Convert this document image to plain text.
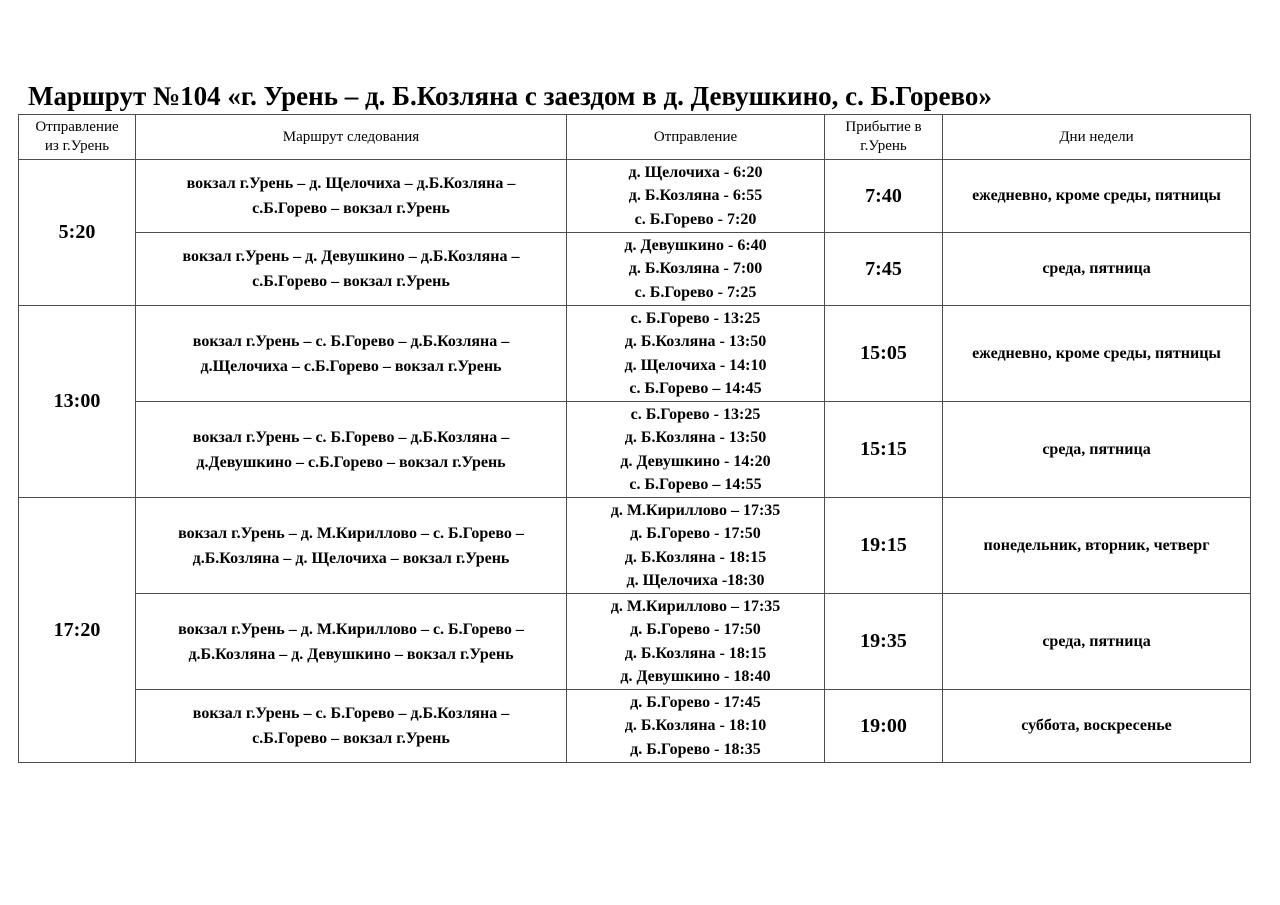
Маршрут №104 «г. Урень – д. Б.Козляна с заездом в д. Девушкино, с. Б.Горево»
Отправление
из г.Урень	Маршрут следования	Отправление	Прибытие в
г.Урень	Дни недели
5:20	вокзал г.Урень – д. Щелочиха – д.Б.Козляна –
с.Б.Горево – вокзал г.Урень	д. Щелочиха - 6:20
д. Б.Козляна - 6:55
с. Б.Горево - 7:20	7:40	ежедневно, кроме среды, пятницы

	вокзал г.Урень – д. Девушкино – д.Б.Козляна –
с.Б.Горево – вокзал г.Урень	д. Девушкино - 6:40
д. Б.Козляна - 7:00
с. Б.Горево - 7:25	7:45	среда, пятница
13:00	вокзал г.Урень – с. Б.Горево – д.Б.Козляна –
д.Щелочиха – с.Б.Горево – вокзал г.Урень	с. Б.Горево - 13:25
д. Б.Козляна - 13:50
д. Щелочиха - 14:10
с. Б.Горево – 14:45	15:05	ежедневно, кроме среды, пятницы

	вокзал г.Урень – с. Б.Горево – д.Б.Козляна –
д.Девушкино – с.Б.Горево – вокзал г.Урень	с. Б.Горево - 13:25
д. Б.Козляна - 13:50
д. Девушкино - 14:20
с. Б.Горево – 14:55	15:15	среда, пятница
17:20	вокзал г.Урень – д. М.Кириллово – с. Б.Горево –
д.Б.Козляна – д. Щелочиха – вокзал г.Урень	д. М.Кириллово – 17:35
д. Б.Горево - 17:50
д. Б.Козляна - 18:15
д. Щелочиха -18:30	19:15	понедельник, вторник, четверг

	вокзал г.Урень – д. М.Кириллово – с. Б.Горево –
д.Б.Козляна – д. Девушкино – вокзал г.Урень	д. М.Кириллово – 17:35
д. Б.Горево - 17:50
д. Б.Козляна - 18:15
д. Девушкино - 18:40	19:35	среда, пятница

	вокзал г.Урень – с. Б.Горево – д.Б.Козляна –
с.Б.Горево – вокзал г.Урень	д. Б.Горево - 17:45
д. Б.Козляна - 18:10
д. Б.Горево - 18:35	19:00	суббота, воскресенье
